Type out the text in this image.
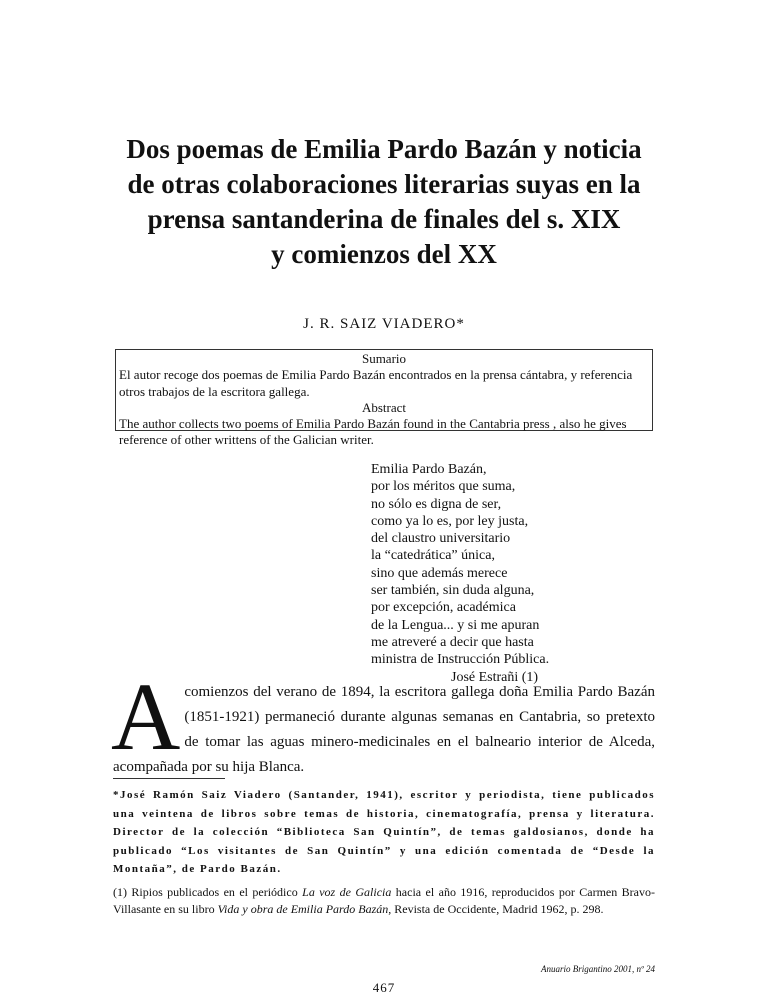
Dos poemas de Emilia Pardo Bazán y noticia
de otras colaboraciones literarias suyas en la
prensa santanderina de finales del s. XIX
y comienzos del XX
J. R. SAIZ VIADERO*
Sumario
El autor recoge dos poemas de Emilia Pardo Bazán encontrados en la prensa cántabra, y referencia otros trabajos de la escritora gallega.
Abstract
The author collects two poems of Emilia Pardo Bazán found in the Cantabria press , also he gives reference of other writtens of the Galician writer.
Emilia Pardo Bazán,
por los méritos que suma,
no sólo es digna de ser,
como ya lo es, por ley justa,
del claustro universitario
la “catedrática” única,
sino que además merece
ser también, sin duda alguna,
por excepción, académica
de la Lengua... y si me apuran
me atreveré a decir que hasta
ministra de Instrucción Pública.
José Estrañi (1)
Acomienzos del verano de 1894, la escritora gallega doña Emilia Pardo Bazán (1851-1921) permaneció durante algunas semanas en Cantabria, so pretexto de tomar las aguas minero-medicinales en el balneario interior de Alceda, acompañada por su hija Blanca.
*José Ramón Saiz Viadero (Santander, 1941), escritor y periodista, tiene publicados una veintena de libros sobre temas de historia, cinematografía, prensa y literatura. Director de la colección “Biblioteca San Quintín”, de temas galdosianos, donde ha publicado “Los visitantes de San Quintín” y una edición comentada de “Desde la Montaña”, de Pardo Bazán.
(1) Ripios publicados en el periódico La voz de Galicia hacia el año 1916, reproducidos por Carmen Bravo-Villasante en su libro Vida y obra de Emilia Pardo Bazán, Revista de Occidente, Madrid 1962, p. 298.
Anuario Brigantino 2001, nº 24
467
